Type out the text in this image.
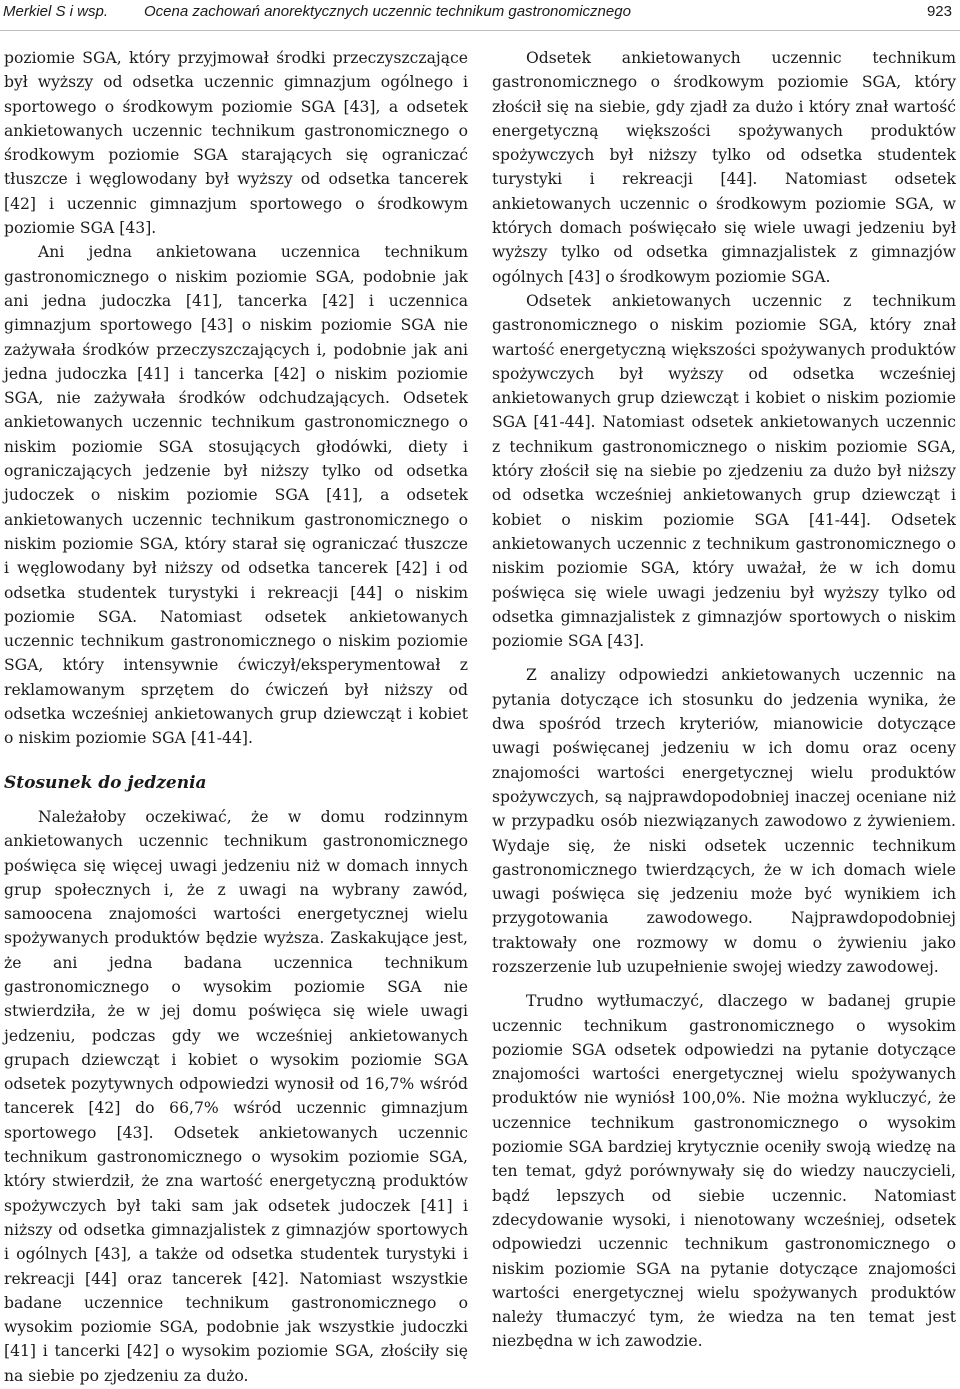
Merkiel S i wsp. Ocena zachowań anorektycznych uczennic technikum gastronomicznego	923

poziomie SGA, który przyjmował środki przeczyszczające był wyższy od odsetka uczennic gimnazjum ogólnego i sportowego o środkowym poziomie SGA [43], a odsetek ankietowanych uczennic technikum gastronomicznego o środkowym poziomie SGA starających się ograniczać tłuszcze i węglowodany był wyższy od odsetka tancerek [42] i uczennic gimnazjum sportowego o środkowym poziomie SGA [43].

Ani jedna ankietowana uczennica technikum gastronomicznego o niskim poziomie SGA, podobnie jak ani jedna judoczka [41], tancerka [42] i uczennica gimnazjum sportowego [43] o niskim poziomie SGA nie zażywała środków przeczyszczających i, podobnie jak ani jedna judoczka [41] i tancerka [42] o niskim poziomie SGA, nie zażywała środków odchudzających. Odsetek ankietowanych uczennic technikum gastronomicznego o niskim poziomie SGA stosujących głodówki, diety i ograniczających jedzenie był niższy tylko od odsetka judoczek o niskim poziomie SGA [41], a odsetek ankietowanych uczennic technikum gastronomicznego o niskim poziomie SGA, który starał się ograniczać tłuszcze i węglowodany był niższy od odsetka tancerek [42] i od odsetka studentek turystyki i rekreacji [44] o niskim poziomie SGA. Natomiast odsetek ankietowanych uczennic technikum gastronomicznego o niskim poziomie SGA, który intensywnie ćwiczył/eksperymentował z reklamowanym sprzętem do ćwiczeń był niższy od odsetka wcześniej ankietowanych grup dziewcząt i kobiet o niskim poziomie SGA [41-44].

Stosunek do jedzenia

Należałoby oczekiwać, że w domu rodzinnym ankietowanych uczennic technikum gastronomicznego poświęca się więcej uwagi jedzeniu niż w domach innych grup społecznych i, że z uwagi na wybrany zawód, samoocena znajomości wartości energetycznej wielu spożywanych produktów będzie wyższa. Zaskakujące jest, że ani jedna badana uczennica technikum gastronomicznego o wysokim poziomie SGA nie stwierdziła, że w jej domu poświęca się wiele uwagi jedzeniu, podczas gdy we wcześniej ankietowanych grupach dziewcząt i kobiet o wysokim poziomie SGA odsetek pozytywnych odpowiedzi wynosił od 16,7% wśród tancerek [42] do 66,7% wśród uczennic gimnazjum sportowego [43]. Odsetek ankietowanych uczennic technikum gastronomicznego o wysokim poziomie SGA, który stwierdził, że zna wartość energetyczną produktów spożywczych był taki sam jak odsetek judoczek [41] i niższy od odsetka gimnazjalistek z gimnazjów sportowych i ogólnych [43], a także od odsetka studentek turystyki i rekreacji [44] oraz tancerek [42]. Natomiast wszystkie badane uczennice technikum gastronomicznego o wysokim poziomie SGA, podobnie jak wszystkie judoczki [41] i tancerki [42] o wysokim poziomie SGA, złościły się na siebie po zjedzeniu za dużo.

Odsetek ankietowanych uczennic technikum gastronomicznego o środkowym poziomie SGA, który złościł się na siebie, gdy zjadł za dużo i który znał wartość energetyczną większości spożywanych produktów spożywczych był niższy tylko od odsetka studentek turystyki i rekreacji [44]. Natomiast odsetek ankietowanych uczennic o środkowym poziomie SGA, w których domach poświęcało się wiele uwagi jedzeniu był wyższy tylko od odsetka gimnazjalistek z gimnazjów ogólnych [43] o środkowym poziomie SGA.

Odsetek ankietowanych uczennic z technikum gastronomicznego o niskim poziomie SGA, który znał wartość energetyczną większości spożywanych produktów spożywczych był wyższy od odsetka wcześniej ankietowanych grup dziewcząt i kobiet o niskim poziomie SGA [41-44]. Natomiast odsetek ankietowanych uczennic z technikum gastronomicznego o niskim poziomie SGA, który złościł się na siebie po zjedzeniu za dużo był niższy od odsetka wcześniej ankietowanych grup dziewcząt i kobiet o niskim poziomie SGA [41-44]. Odsetek ankietowanych uczennic z technikum gastronomicznego o niskim poziomie SGA, który uważał, że w ich domu poświęca się wiele uwagi jedzeniu był wyższy tylko od odsetka gimnazjalistek z gimnazjów sportowych o niskim poziomie SGA [43].

Z analizy odpowiedzi ankietowanych uczennic na pytania dotyczące ich stosunku do jedzenia wynika, że dwa spośród trzech kryteriów, mianowicie dotyczące uwagi poświęcanej jedzeniu w ich domu oraz oceny znajomości wartości energetycznej wielu produktów spożywczych, są najprawdopodobniej inaczej oceniane niż w przypadku osób niezwiązanych zawodowo z żywieniem. Wydaje się, że niski odsetek uczennic technikum gastronomicznego twierdzących, że w ich domach wiele uwagi poświęca się jedzeniu może być wynikiem ich przygotowania zawodowego. Najprawdopodobniej traktowały one rozmowy w domu o żywieniu jako rozszerzenie lub uzupełnienie swojej wiedzy zawodowej.

Trudno wytłumaczyć, dlaczego w badanej grupie uczennic technikum gastronomicznego o wysokim poziomie SGA odsetek odpowiedzi na pytanie dotyczące znajomości wartości energetycznej wielu spożywanych produktów nie wyniósł 100,0%. Nie można wykluczyć, że uczennice technikum gastronomicznego o wysokim poziomie SGA bardziej krytycznie oceniły swoją wiedzę na ten temat, gdyż porównywały się do wiedzy nauczycieli, bądź lepszych od siebie uczennic. Natomiast zdecydowanie wysoki, i nienotowany wcześniej, odsetek odpowiedzi uczennic technikum gastronomicznego o niskim poziomie SGA na pytanie dotyczące znajomości wartości energetycznej wielu spożywanych produktów należy tłumaczyć tym, że wiedza na ten temat jest niezbędna w ich zawodzie.
